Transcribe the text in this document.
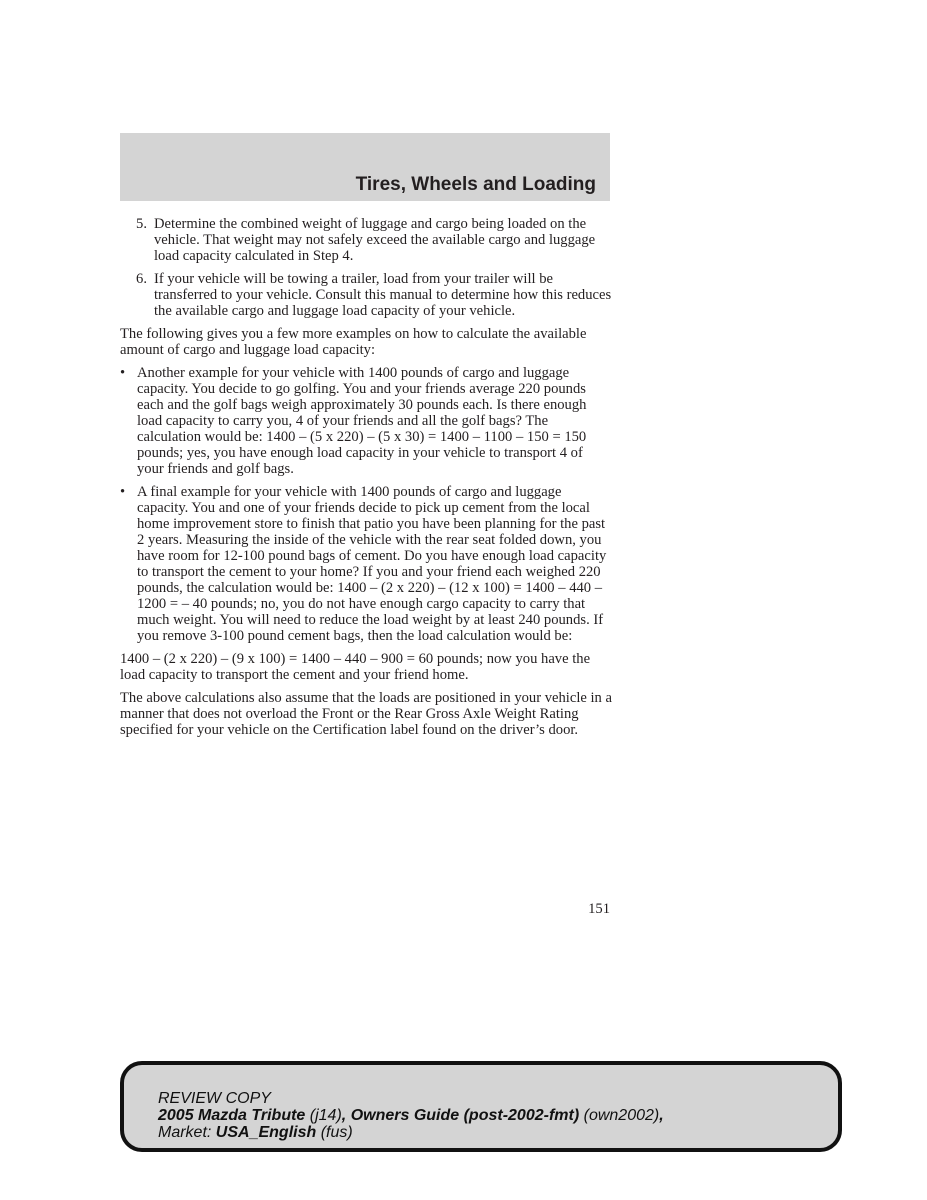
Tires, Wheels and Loading
5. Determine the combined weight of luggage and cargo being loaded on the vehicle. That weight may not safely exceed the available cargo and luggage load capacity calculated in Step 4.
6. If your vehicle will be towing a trailer, load from your trailer will be transferred to your vehicle. Consult this manual to determine how this reduces the available cargo and luggage load capacity of your vehicle.

The following gives you a few more examples on how to calculate the available amount of cargo and luggage load capacity:

• Another example for your vehicle with 1400 pounds of cargo and luggage capacity. You decide to go golfing. You and your friends average 220 pounds each and the golf bags weigh approximately 30 pounds each. Is there enough load capacity to carry you, 4 of your friends and all the golf bags? The calculation would be: 1400 – (5 x 220) – (5 x 30) = 1400 – 1100 – 150 = 150 pounds; yes, you have enough load capacity in your vehicle to transport 4 of your friends and golf bags.
• A final example for your vehicle with 1400 pounds of cargo and luggage capacity. You and one of your friends decide to pick up cement from the local home improvement store to finish that patio you have been planning for the past 2 years. Measuring the inside of the vehicle with the rear seat folded down, you have room for 12-100 pound bags of cement. Do you have enough load capacity to transport the cement to your home? If you and your friend each weighed 220 pounds, the calculation would be: 1400 – (2 x 220) – (12 x 100) = 1400 – 440 – 1200 = – 40 pounds; no, you do not have enough cargo capacity to carry that much weight. You will need to reduce the load weight by at least 240 pounds. If you remove 3-100 pound cement bags, then the load calculation would be:

1400 – (2 x 220) – (9 x 100) = 1400 – 440 – 900 = 60 pounds; now you have the load capacity to transport the cement and your friend home.

The above calculations also assume that the loads are positioned in your vehicle in a manner that does not overload the Front or the Rear Gross Axle Weight Rating specified for your vehicle on the Certification label found on the driver’s door.

151
REVIEW COPY
2005 Mazda Tribute (j14), Owners Guide (post-2002-fmt) (own2002),
Market: USA_English (fus)
